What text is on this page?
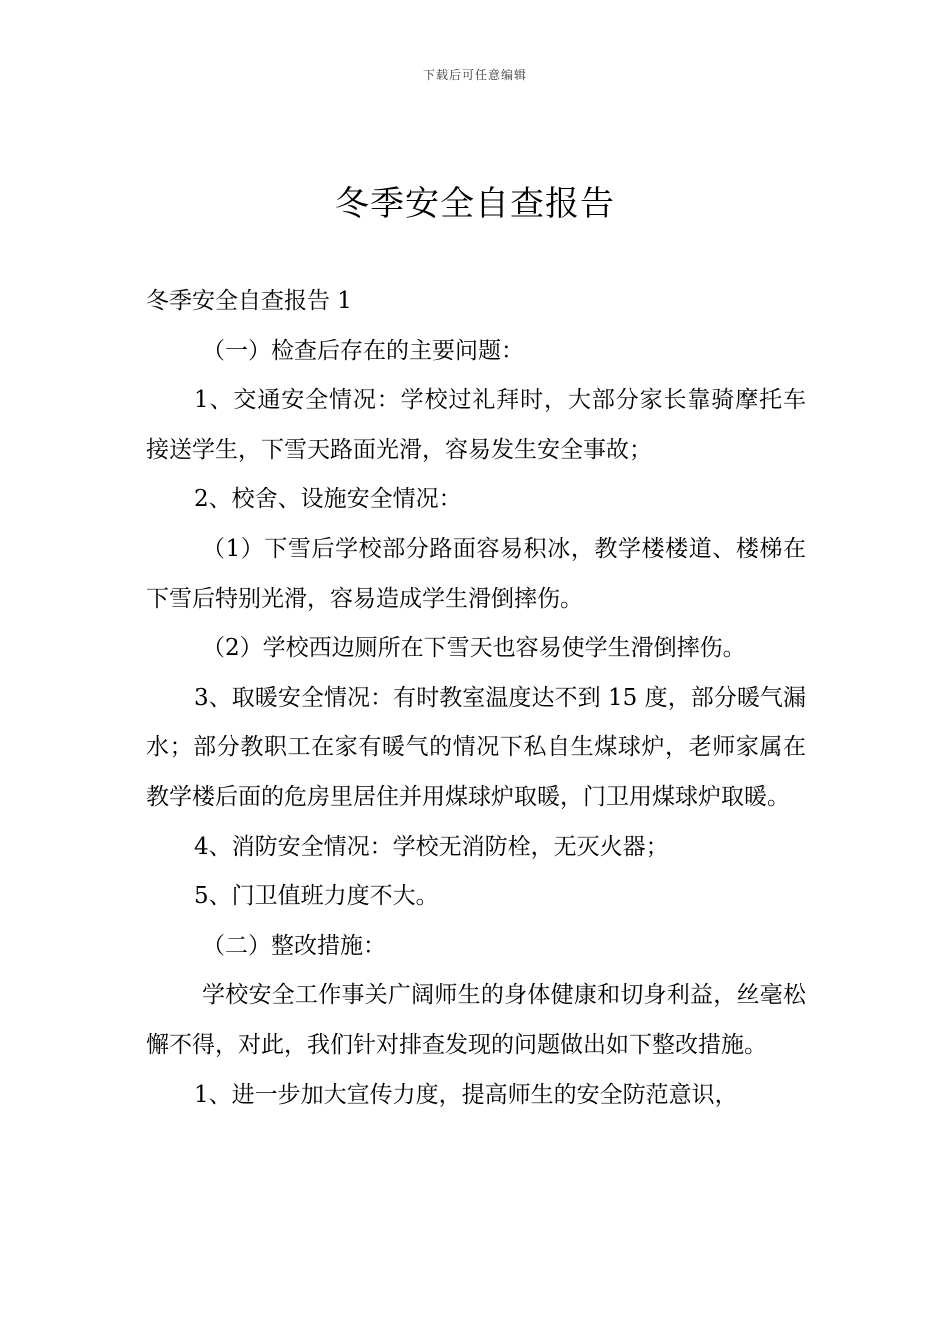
下载后可任意编辑
冬季安全自查报告

冬季安全自查报告 1

（一）检查后存在的主要问题：

1、交通安全情况：学校过礼拜时，大部分家长靠骑摩托车接送学生，下雪天路面光滑，容易发生安全事故；

2、校舍、设施安全情况：

（1）下雪后学校部分路面容易积冰，教学楼楼道、楼梯在下雪后特别光滑，容易造成学生滑倒摔伤。

（2）学校西边厕所在下雪天也容易使学生滑倒摔伤。

3、取暖安全情况：有时教室温度达不到 15 度，部分暖气漏水；部分教职工在家有暖气的情况下私自生煤球炉，老师家属在教学楼后面的危房里居住并用煤球炉取暖，门卫用煤球炉取暖。

4、消防安全情况：学校无消防栓，无灭火器；

5、门卫值班力度不大。

（二）整改措施：

学校安全工作事关广阔师生的身体健康和切身利益，丝毫松懈不得，对此，我们针对排查发现的问题做出如下整改措施。

1、进一步加大宣传力度，提高师生的安全防范意识，
